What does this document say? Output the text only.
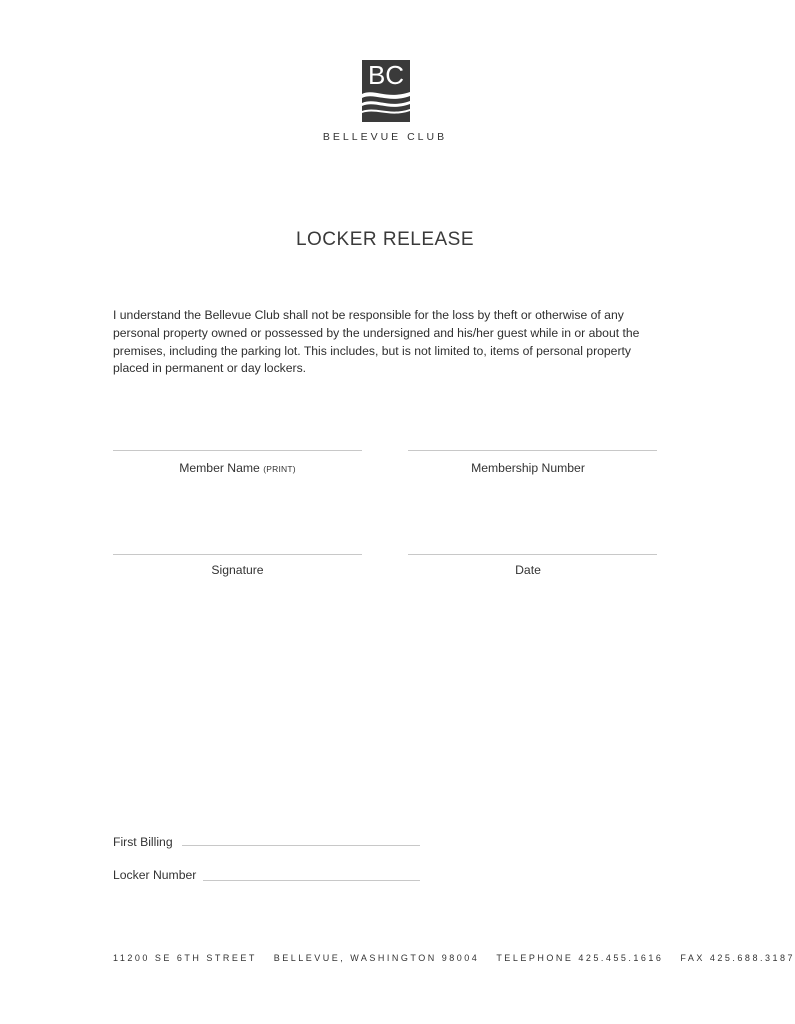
BC
BELLEVUE CLUB
LOCKER RELEASE
I understand the Bellevue Club shall not be responsible for the loss by theft or otherwise of any personal property owned or possessed by the undersigned and his/her guest while in or about the premises, including the parking lot. This includes, but is not limited to, items of personal property placed in permanent or day lockers.
Member Name (PRINT)	Membership Number
Signature	Date
First Billing
Locker Number
11200 SE 6TH STREET BELLEVUE, WASHINGTON 98004 TELEPHONE 425.455.1616 FAX 425.688.3187
